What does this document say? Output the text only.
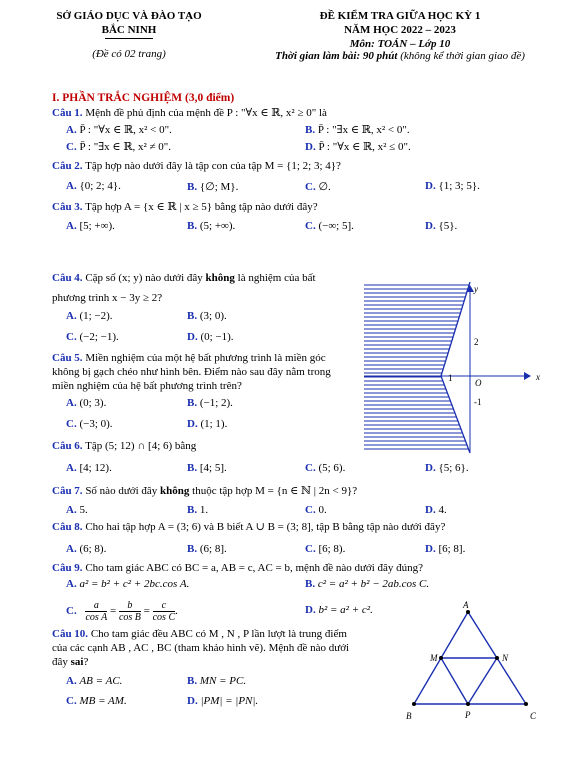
SỞ GIÁO DỤC VÀ ĐÀO TẠO
BẮC NINH
(Đề có 02 trang)
ĐỀ KIỂM TRA GIỮA HỌC KỲ 1
NĂM HỌC 2022 – 2023
Môn: TOÁN – Lớp 10
Thời gian làm bài: 90 phút (không kể thời gian giao đề)
I. PHẦN TRẮC NGHIỆM (3,0 điểm)
Câu 1. Mệnh đề phủ định của mệnh đề P : "∀x ∈ ℝ, x² ≥ 0" là
A. P̄ : "∀x ∈ ℝ, x² < 0".	B. P̄ : "∃x ∈ ℝ, x² < 0".
C. P̄ : "∃x ∈ ℝ, x² ≠ 0".	D. P̄ : "∀x ∈ ℝ, x² ≤ 0".
Câu 2. Tập hợp nào dưới đây là tập con của tập M = {1; 2; 3; 4}?
A. {0; 2; 4}.	B. {∅; M}.	C. ∅.	D. {1; 3; 5}.
Câu 3. Tập hợp A = {x ∈ ℝ | x ≥ 5} bằng tập nào dưới đây?
A. [5; +∞).	B. (5; +∞).	C. (−∞; 5].	D. {5}.
Câu 4. Cặp số (x; y) nào dưới đây không là nghiệm của bất
phương trình x − 3y ≥ 2?
A. (1; −2).	B. (3; 0).
C. (−2; −1).	D. (0; −1).
Câu 5. Miền nghiệm của một hệ bất phương trình là miền góc
không bị gạch chéo như hình bên. Điểm nào sau đây nằm trong
miền nghiệm của hệ bất phương trình trên?
A. (0; 3).	B. (−1; 2).
C. (−3; 0).	D. (1; 1).
y
x
O
2
1
-1
Câu 6. Tập (5; 12) ∩ [4; 6) bằng
A. [4; 12).	B. [4; 5].	C. (5; 6).	D. {5; 6}.
Câu 7. Số nào dưới đây không thuộc tập hợp M = {n ∈ ℕ | 2n < 9}?
A. 5.	B. 1.	C. 0.	D. 4.
Câu 8. Cho hai tập hợp A = (3; 6) và B biết A ∪ B = (3; 8], tập B bằng tập nào dưới đây?
A. (6; 8).	B. (6; 8].	C. [6; 8).	D. [6; 8].
Câu 9. Cho tam giác ABC có BC = a, AB = c, AC = b, mệnh đề nào dưới đây đúng?
A. a² = b² + c² + 2bc.cos A.	B. c² = a² + b² − 2ab.cos C.
C. $\frac{a}{\text{cos A}} = \frac{b}{\text{cos B}} = \frac{c}{\text{cos C}}$ .	D. b² = a² + c².
Câu 10. Cho tam giác đều ABC có M , N , P lần lượt là trung điểm
của các cạnh AB , AC , BC (tham khảo hình vẽ). Mệnh đề nào dưới
đây sai?
A. AB = AC.	B. MN = PC.
C. MB = AM.	D. |PM| = |PN|.
A
B	C
M	N
P
